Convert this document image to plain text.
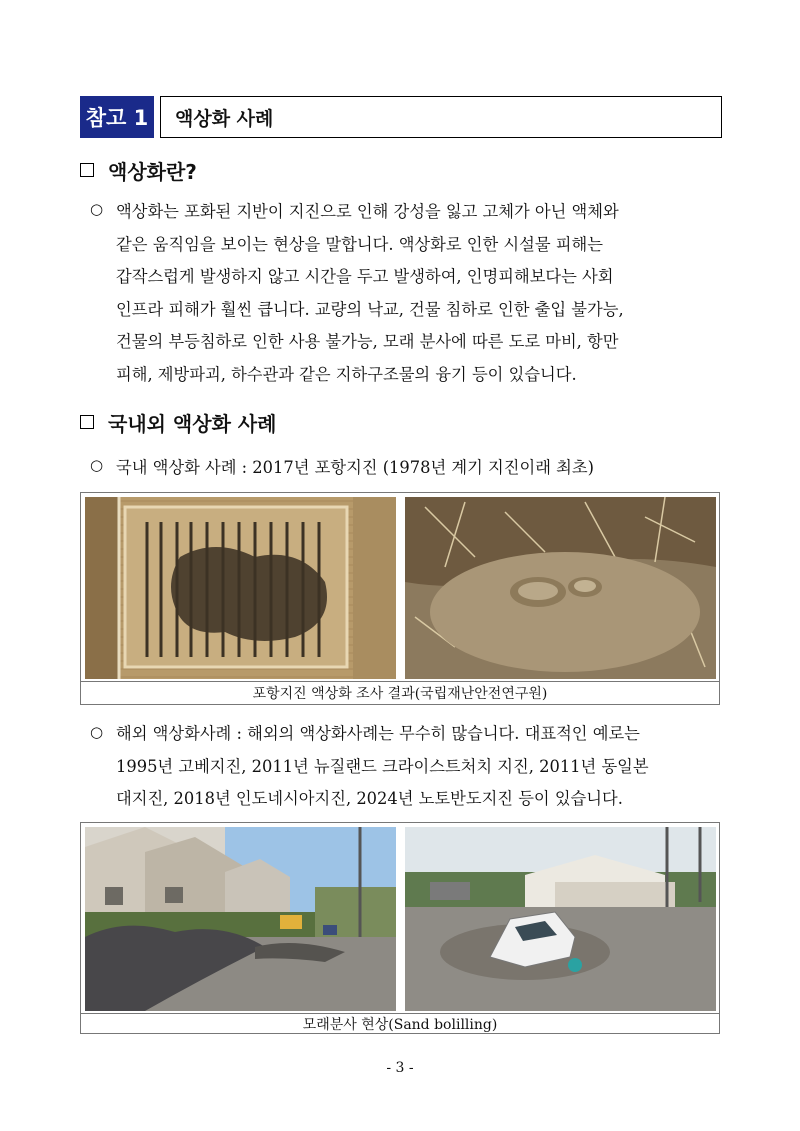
참고 1	액상화 사례
액상화란?
○ 액상화는 포화된 지반이 지진으로 인해 강성을 잃고 고체가 아닌 액체와
같은 움직임을 보이는 현상을 말합니다. 액상화로 인한 시설물 피해는
갑작스럽게 발생하지 않고 시간을 두고 발생하여, 인명피해보다는 사회
인프라 피해가 훨씬 큽니다. 교량의 낙교, 건물 침하로 인한 출입 불가능,
건물의 부등침하로 인한 사용 불가능, 모래 분사에 따른 도로 마비, 항만
피해, 제방파괴, 하수관과 같은 지하구조물의 융기 등이 있습니다.
국내외 액상화 사례
○ 국내 액상화 사례 : 2017년 포항지진 (1978년 계기 지진이래 최초)
포항지진 액상화 조사 결과(국립재난안전연구원)
○ 해외 액상화사례 : 해외의 액상화사례는 무수히 많습니다. 대표적인 예로는
1995년 고베지진, 2011년 뉴질랜드 크라이스트처치 지진, 2011년 동일본
대지진, 2018년 인도네시아지진, 2024년 노토반도지진 등이 있습니다.
모래분사 현상(Sand bolilling)
- 3 -
